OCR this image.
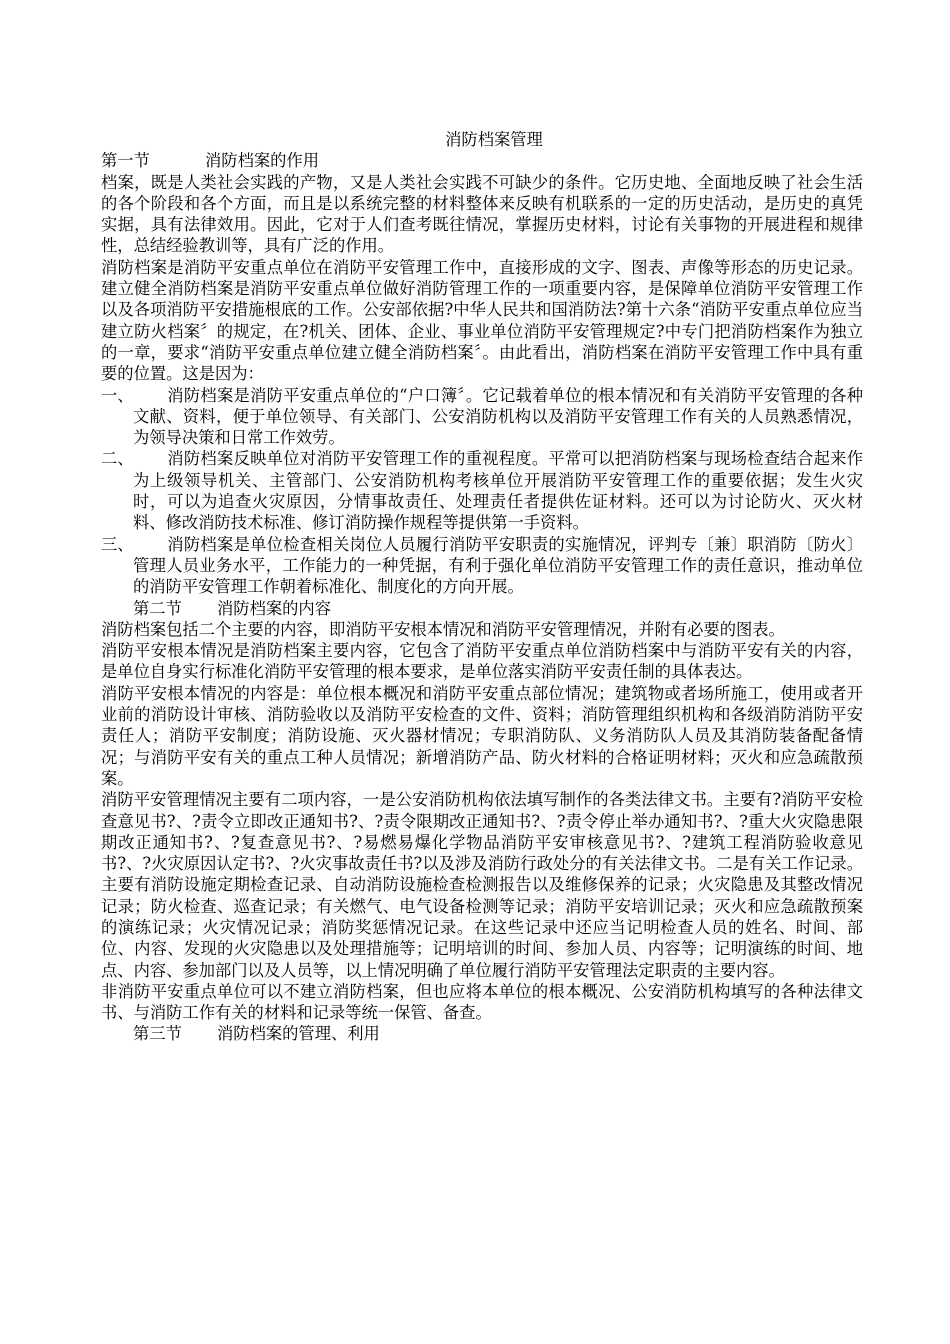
消防档案管理
第一节	消防档案的作用
档案，既是人类社会实践的产物，又是人类社会实践不可缺少的条件。它历史地、全面地反映了社会生活的各个阶段和各个方面，而且是以系统完整的材料整体来反映有机联系的一定的历史活动，是历史的真凭实据，具有法律效用。因此，它对于人们查考既往情况，掌握历史材料，讨论有关事物的开展进程和规律性，总结经验教训等，具有广泛的作用。
消防档案是消防平安重点单位在消防平安管理工作中，直接形成的文字、图表、声像等形态的历史记录。建立健全消防档案是消防平安重点单位做好消防管理工作的一项重要内容，是保障单位消防平安管理工作以及各项消防平安措施根底的工作。公安部依据?中华人民共和国消防法?第十六条“消防平安重点单位应当建立防火档案〞的规定，在?机关、团体、企业、事业单位消防平安管理规定?中专门把消防档案作为独立的一章，要求“消防平安重点单位建立健全消防档案〞。由此看出，消防档案在消防平安管理工作中具有重要的位置。这是因为：
一、	消防档案是消防平安重点单位的“户口簿〞。它记载着单位的根本情况和有关消防平安管理的各种文献、资料，便于单位领导、有关部门、公安消防机构以及消防平安管理工作有关的人员熟悉情况，为领导决策和日常工作效劳。
二、	消防档案反映单位对消防平安管理工作的重视程度。平常可以把消防档案与现场检查结合起来作为上级领导机关、主管部门、公安消防机构考核单位开展消防平安管理工作的重要依据；发生火灾时，可以为追查火灾原因，分情事故责任、处理责任者提供佐证材料。还可以为讨论防火、灭火材料、修改消防技术标准、修订消防操作规程等提供第一手资料。
三、	消防档案是单位检查相关岗位人员履行消防平安职责的实施情况，评判专〔兼〕职消防〔防火〕管理人员业务水平，工作能力的一种凭据，有利于强化单位消防平安管理工作的责任意识，推动单位的消防平安管理工作朝着标准化、制度化的方向开展。
第二节	消防档案的内容
消防档案包括二个主要的内容，即消防平安根本情况和消防平安管理情况，并附有必要的图表。
消防平安根本情况是消防档案主要内容，它包含了消防平安重点单位消防档案中与消防平安有关的内容，是单位自身实行标准化消防平安管理的根本要求，是单位落实消防平安责任制的具体表达。
消防平安根本情况的内容是：单位根本概况和消防平安重点部位情况；建筑物或者场所施工，使用或者开业前的消防设计审核、消防验收以及消防平安检查的文件、资料；消防管理组织机构和各级消防消防平安责任人；消防平安制度；消防设施、灭火器材情况；专职消防队、义务消防队人员及其消防装备配备情况；与消防平安有关的重点工种人员情况；新增消防产品、防火材料的合格证明材料；灭火和应急疏散预案。
消防平安管理情况主要有二项内容，一是公安消防机构依法填写制作的各类法律文书。主要有?消防平安检查意见书?、?责令立即改正通知书?、?责令限期改正通知书?、?责令停止举办通知书?、?重大火灾隐患限期改正通知书?、?复查意见书?、?易燃易爆化学物品消防平安审核意见书?、?建筑工程消防验收意见书?、?火灾原因认定书?、?火灾事故责任书?以及涉及消防行政处分的有关法律文书。二是有关工作记录。主要有消防设施定期检查记录、自动消防设施检查检测报告以及维修保养的记录；火灾隐患及其整改情况记录；防火检查、巡查记录；有关燃气、电气设备检测等记录；消防平安培训记录；灭火和应急疏散预案的演练记录；火灾情况记录；消防奖惩情况记录。在这些记录中还应当记明检查人员的姓名、时间、部位、内容、发现的火灾隐患以及处理措施等；记明培训的时间、参加人员、内容等；记明演练的时间、地点、内容、参加部门以及人员等，以上情况明确了单位履行消防平安管理法定职责的主要内容。
非消防平安重点单位可以不建立消防档案，但也应将本单位的根本概况、公安消防机构填写的各种法律文书、与消防工作有关的材料和记录等统一保管、备查。
第三节	消防档案的管理、利用
